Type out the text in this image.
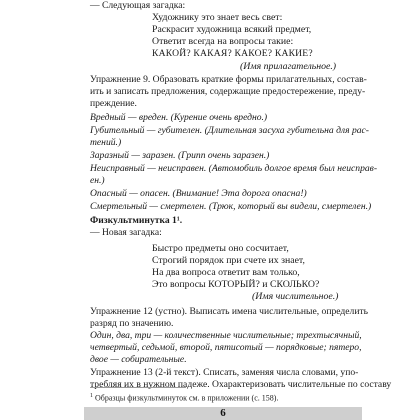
— Следующая загадка:
Художнику это знает весь свет:
Раскрасит художница всякий предмет,
Ответит всегда на вопросы такие:
КАКОЙ? КАКАЯ? КАКОЕ? КАКИЕ?
(Имя прилагательное.)
Упражнение 9. Образовать краткие формы прилагательных, состав-
ить и записать предложения, содержащие предостережение, преду-
преждение.
Вредный — вреден. (Курение очень вредно.)
Губительный — губителен. (Длительная засуха губительна для рас-
тений.)
Заразный — заразен. (Грипп очень заразен.)
Неисправный — неисправен. (Автомобиль долгое время был неисправ-
ен.)
Опасный — опасен. (Внимание! Эта дорога опасна!)
Смертельный — смертелен. (Трюк, который вы видели, смертелен.)
Физкультминутка 1¹.
— Новая загадка:
Быстро предметы оно сосчитает,
Строгий порядок при счете их знает,
На два вопроса ответит вам только,
Это вопросы КОТОРЫЙ? и СКОЛЬКО?
(Имя числительное.)
Упражнение 12 (устно). Выписать имена числительные, определить
разряд по значению.
Один, два, три — количественные числительные; трехтысячный,
четвертый, седьмой, второй, пятисотый — порядковые; пятеро,
двое — собирательные.
Упражнение 13 (2-й текст). Списать, заменяя числа словами, упо-
требляя их в нужном падеже. Охарактеризовать числительные по составу
$^1$ Образцы физкультминуток см. в приложении (с. 158).
6
